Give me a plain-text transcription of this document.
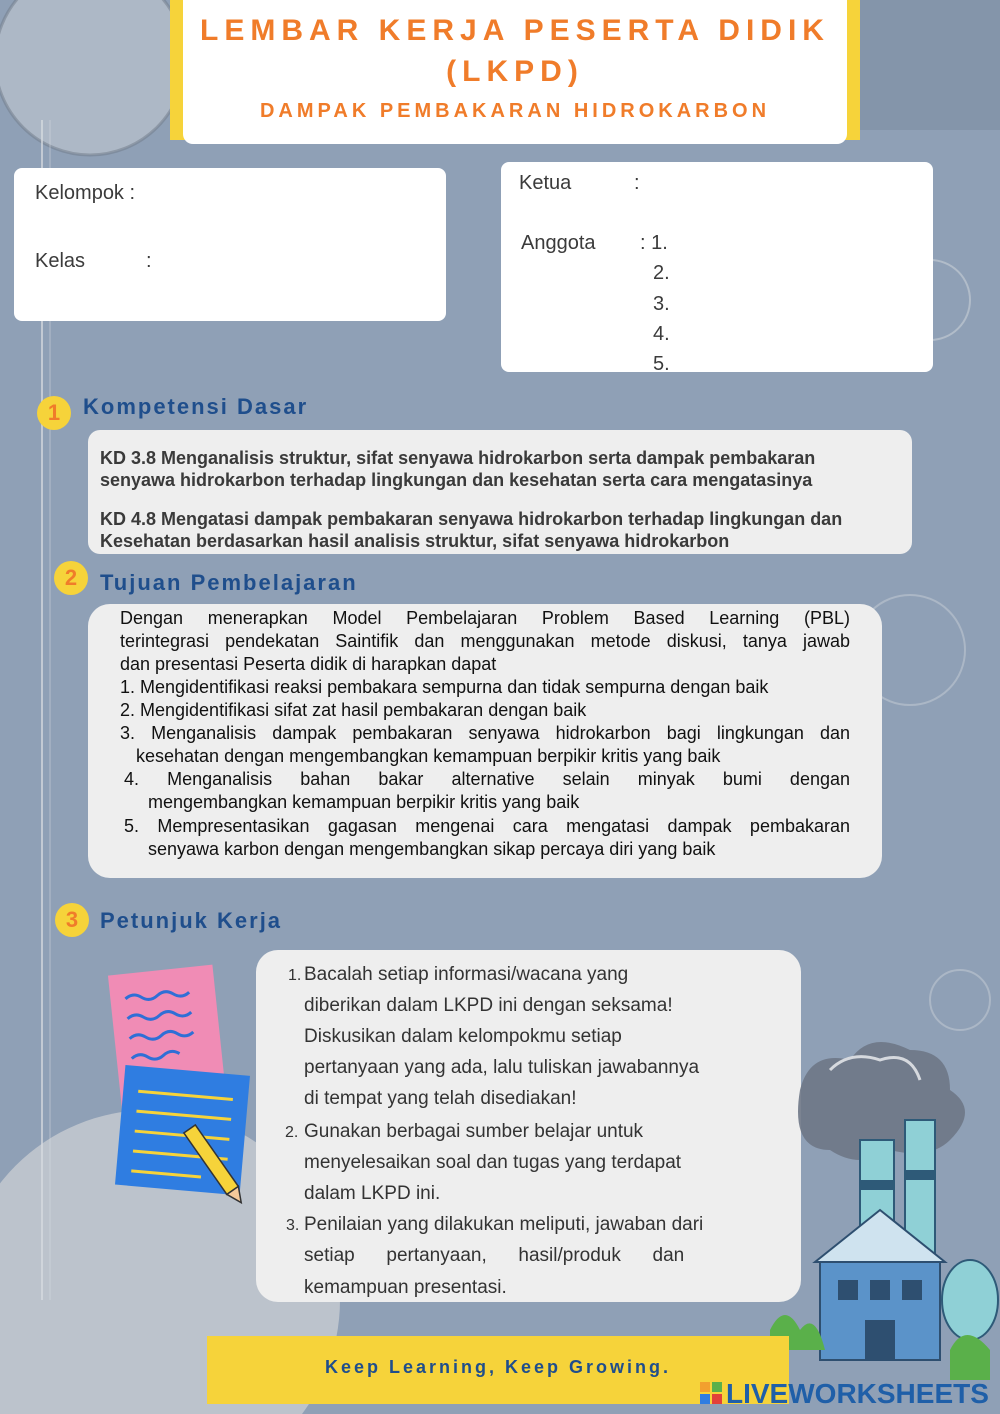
LEMBAR KERJA PESERTA DIDIK
(LKPD)
DAMPAK PEMBAKARAN HIDROKARBON
Kelompok :
Kelas	:
Ketua	:
Anggota : 1.
2.
3.
4.
5.
1	Kompetensi Dasar
KD 3.8 Menganalisis struktur, sifat senyawa hidrokarbon serta dampak pembakaran
senyawa hidrokarbon terhadap lingkungan dan kesehatan serta cara mengatasinya
KD 4.8 Mengatasi dampak pembakaran senyawa hidrokarbon terhadap lingkungan dan
Kesehatan berdasarkan hasil analisis struktur, sifat senyawa hidrokarbon
2	Tujuan Pembelajaran
Dengan menerapkan Model Pembelajaran Problem Based Learning (PBL)
terintegrasi pendekatan Saintifik dan menggunakan metode diskusi, tanya jawab
dan presentasi Peserta didik di harapkan dapat
1. Mengidentifikasi reaksi pembakara sempurna dan tidak sempurna dengan baik
2. Mengidentifikasi sifat zat hasil pembakaran dengan baik
3. Menganalisis dampak pembakaran senyawa hidrokarbon bagi lingkungan dan
kesehatan dengan mengembangkan kemampuan berpikir kritis yang baik
4. Menganalisis bahan bakar alternative selain minyak bumi dengan
mengembangkan kemampuan berpikir kritis yang baik
5. Mempresentasikan gagasan mengenai cara mengatasi dampak pembakaran
senyawa karbon dengan mengembangkan sikap percaya diri yang baik
3 Petunjuk Kerja
1. Bacalah setiap informasi/wacana yang
diberikan dalam LKPD ini dengan seksama!
Diskusikan dalam kelompokmu setiap
pertanyaan yang ada, lalu tuliskan jawabannya
di tempat yang telah disediakan!
2. Gunakan berbagai sumber belajar untuk
menyelesaikan soal dan tugas yang terdapat
dalam LKPD ini.
3. Penilaian yang dilakukan meliputi, jawaban dari
setiap      pertanyaan,      hasil/produk      dan
kemampuan presentasi.
Keep Learning, Keep Growing.
LIVEWORKSHEETS
